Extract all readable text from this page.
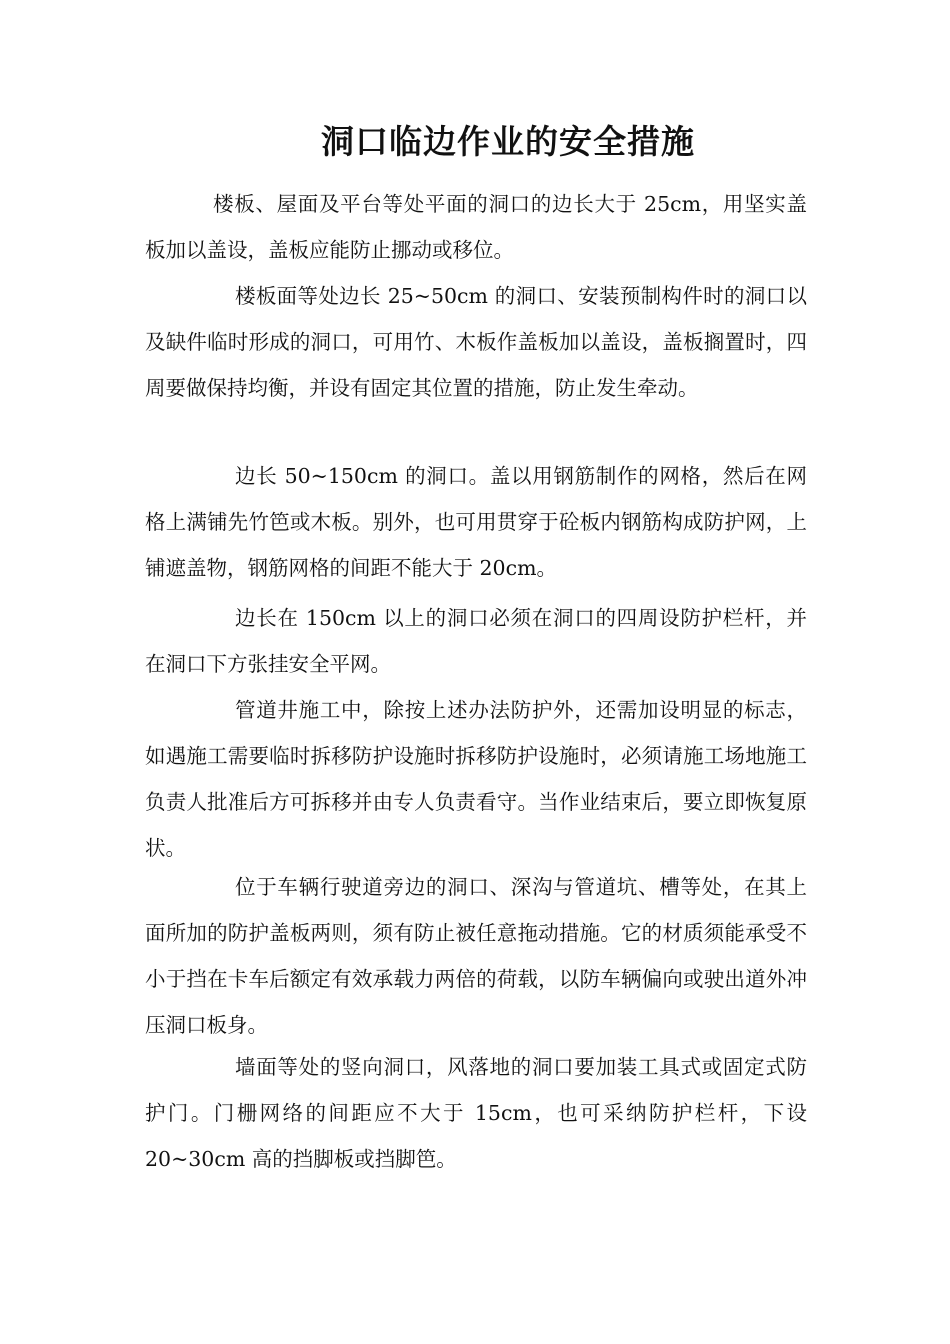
洞口临边作业的安全措施

楼板、屋面及平台等处平面的洞口的边长大于 25cm，用坚实盖板加以盖设，盖板应能防止挪动或移位。

楼板面等处边长 25~50cm 的洞口、安装预制构件时的洞口以及缺件临时形成的洞口，可用竹、木板作盖板加以盖设，盖板搁置时，四周要做保持均衡，并设有固定其位置的措施，防止发生牵动。

边长 50~150cm 的洞口。盖以用钢筋制作的网格，然后在网格上满铺先竹笆或木板。别外，也可用贯穿于砼板内钢筋构成防护网，上铺遮盖物，钢筋网格的间距不能大于 20cm。

边长在 150cm 以上的洞口必须在洞口的四周设防护栏杆，并在洞口下方张挂安全平网。

管道井施工中，除按上述办法防护外，还需加设明显的标志，如遇施工需要临时拆移防护设施时拆移防护设施时，必须请施工场地施工负责人批准后方可拆移并由专人负责看守。当作业结束后，要立即恢复原状。

位于车辆行驶道旁边的洞口、深沟与管道坑、槽等处，在其上面所加的防护盖板两则，须有防止被任意拖动措施。它的材质须能承受不小于挡在卡车后额定有效承载力两倍的荷载，以防车辆偏向或驶出道外冲压洞口板身。

墙面等处的竖向洞口，风落地的洞口要加装工具式或固定式防护门。门栅网络的间距应不大于 15cm，也可采纳防护栏杆，下设 20~30cm 高的挡脚板或挡脚笆。
